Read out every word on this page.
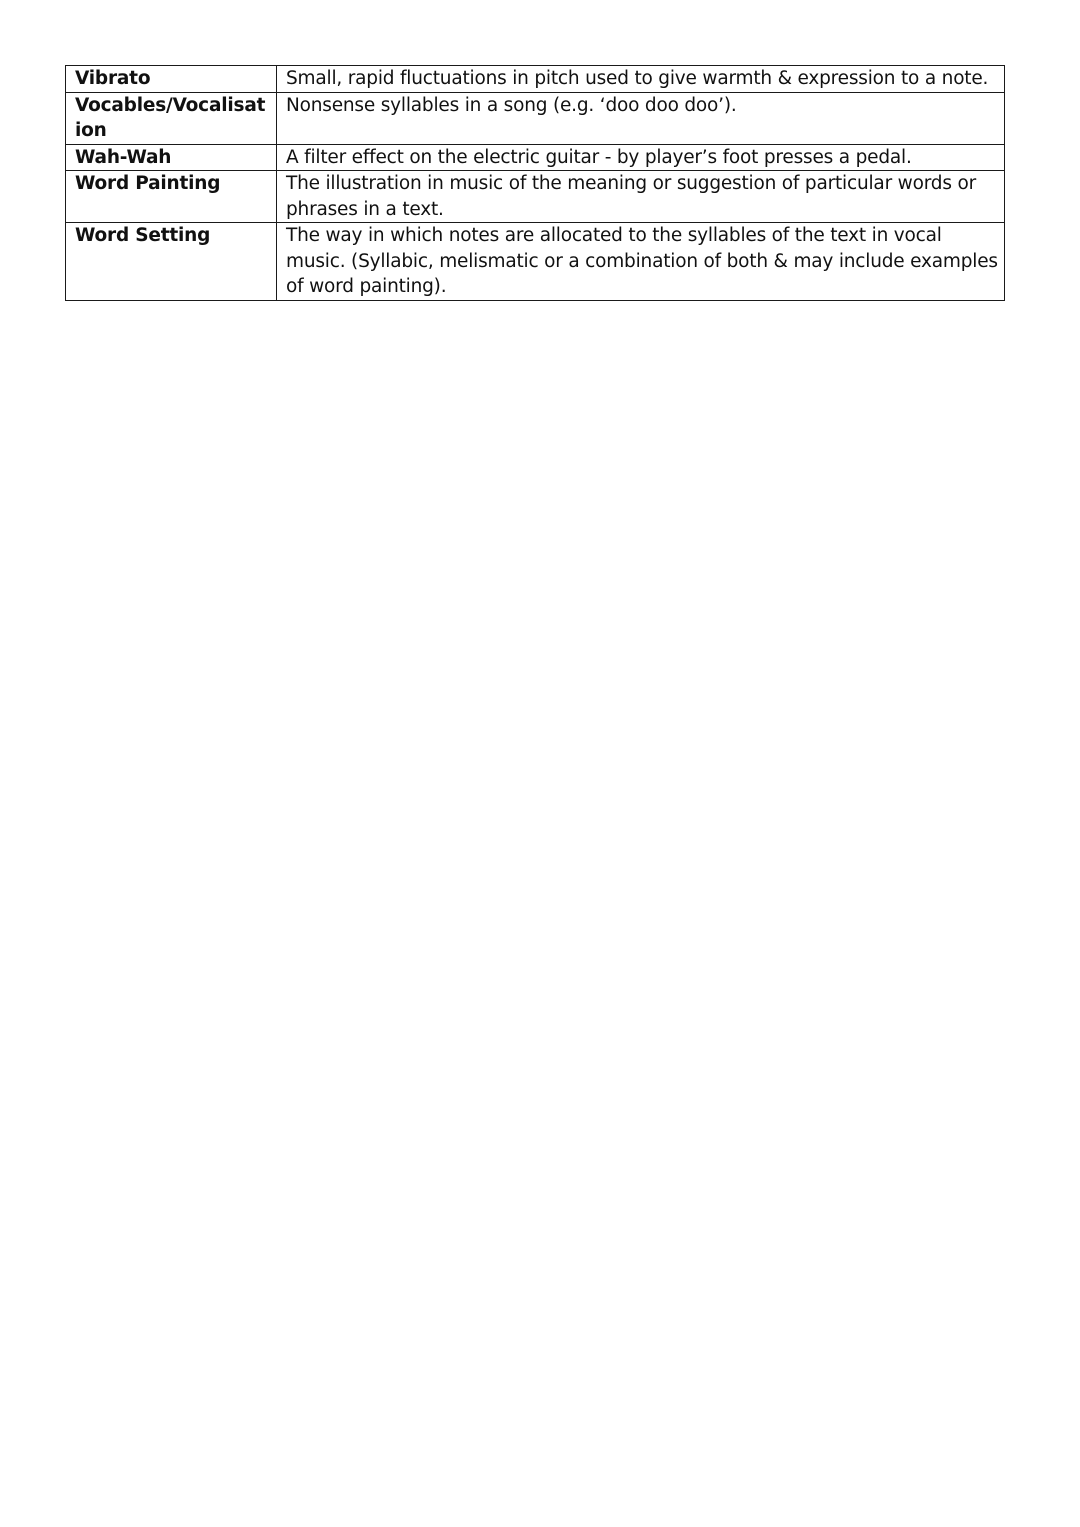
Vibrato	Small, rapid fluctuations in pitch used to give warmth & expression to a note.
Vocables/Vocalisation	Nonsense syllables in a song (e.g. ‘doo doo doo’).
Wah-Wah	A filter effect on the electric guitar - by player’s foot presses a pedal.
Word Painting	The illustration in music of the meaning or suggestion of particular words or phrases in a text.
Word Setting	The way in which notes are allocated to the syllables of the text in vocal music. (Syllabic, melismatic or a combination of both & may include examples of word painting).
